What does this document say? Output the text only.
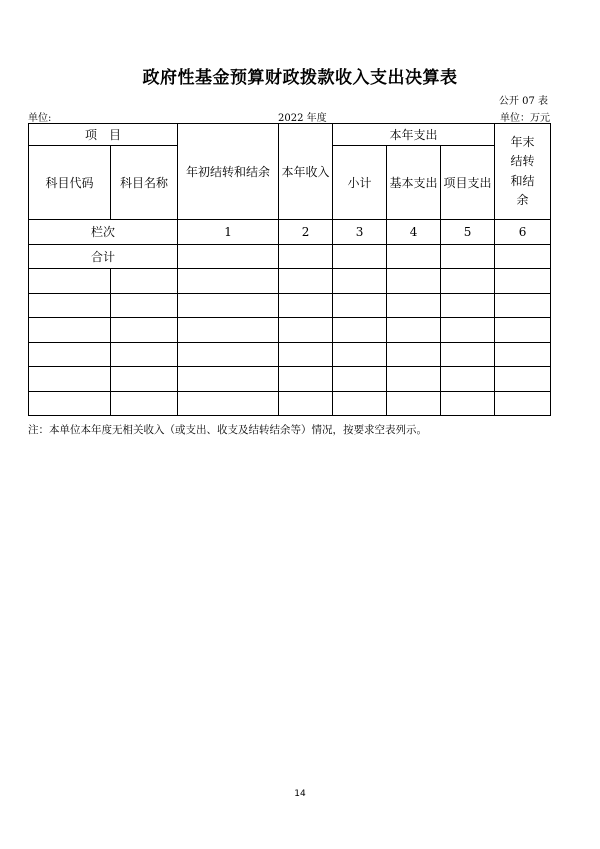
政府性基金预算财政拨款收入支出决算表
公开 07 表
单位:	2022 年度	单位：万元
项　目		年初结转和结余	本年收入	本年支出			年末结转和结余
科目代码	科目名称			小计	基本支出	项目支出	
栏次		1	2	3	4	5	6
合计							

注：本单位本年度无相关收入（或支出、收支及结转结余等）情况，按要求空表列示。
14
